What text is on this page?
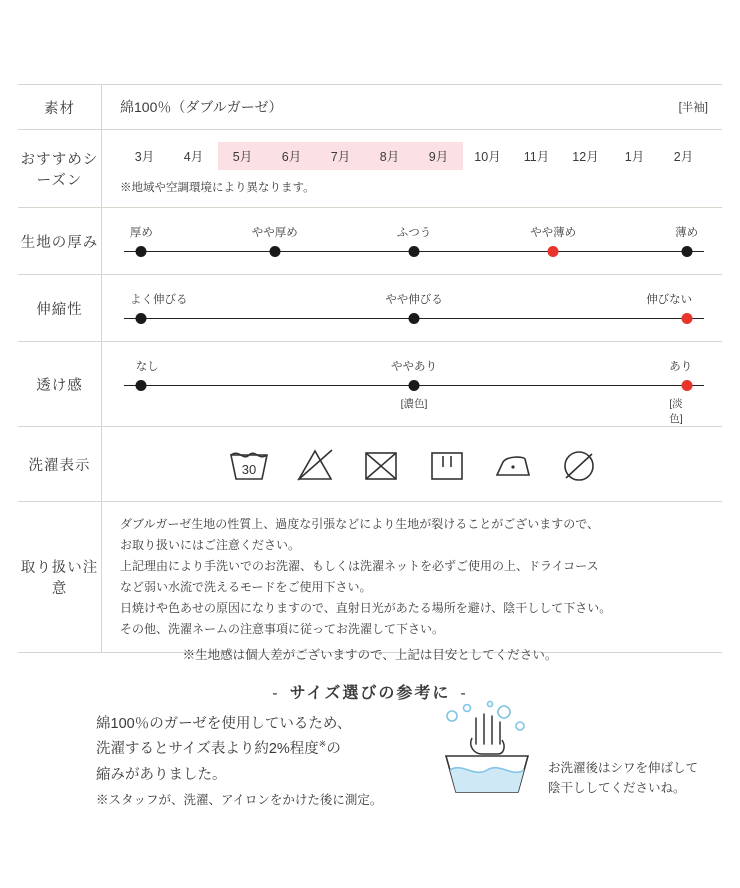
素材	綿100％（ダブルガーゼ） [半袖]

おすすめシーズン	
3月	4月	5月	6月	7月	8月	9月	10月	11月	12月	1月	2月
※地域や空調環境により異なります。

生地の厚み	厚め やや厚め ふつう やや薄め 薄め

伸縮性	よく伸びる やや伸びる 伸びない

透け感	なし ややあり あり
[濃色] [淡色]

洗濯表示	30

取り扱い注意	
ダブルガーゼ生地の性質上、過度な引張などにより生地が裂けることがございますので、
お取り扱いにはご注意ください。
上記理由により手洗いでのお洗濯、もしくは洗濯ネットを必ずご使用の上、ドライコース
など弱い水流で洗えるモードをご使用下さい。
日焼けや色あせの原因になりますので、直射日光があたる場所を避け、陰干しして下さい。
その他、洗濯ネームの注意事項に従ってお洗濯して下さい。
※生地感は個人差がございますので、上記は目安としてください。
- サイズ選びの参考に -
綿100％のガーゼを使用しているため、
洗濯するとサイズ表より約2%程度※の
縮みがありました。
※スタッフが、洗濯、アイロンをかけた後に測定。
お洗濯後はシワを伸ばして
陰干ししてくださいね。
